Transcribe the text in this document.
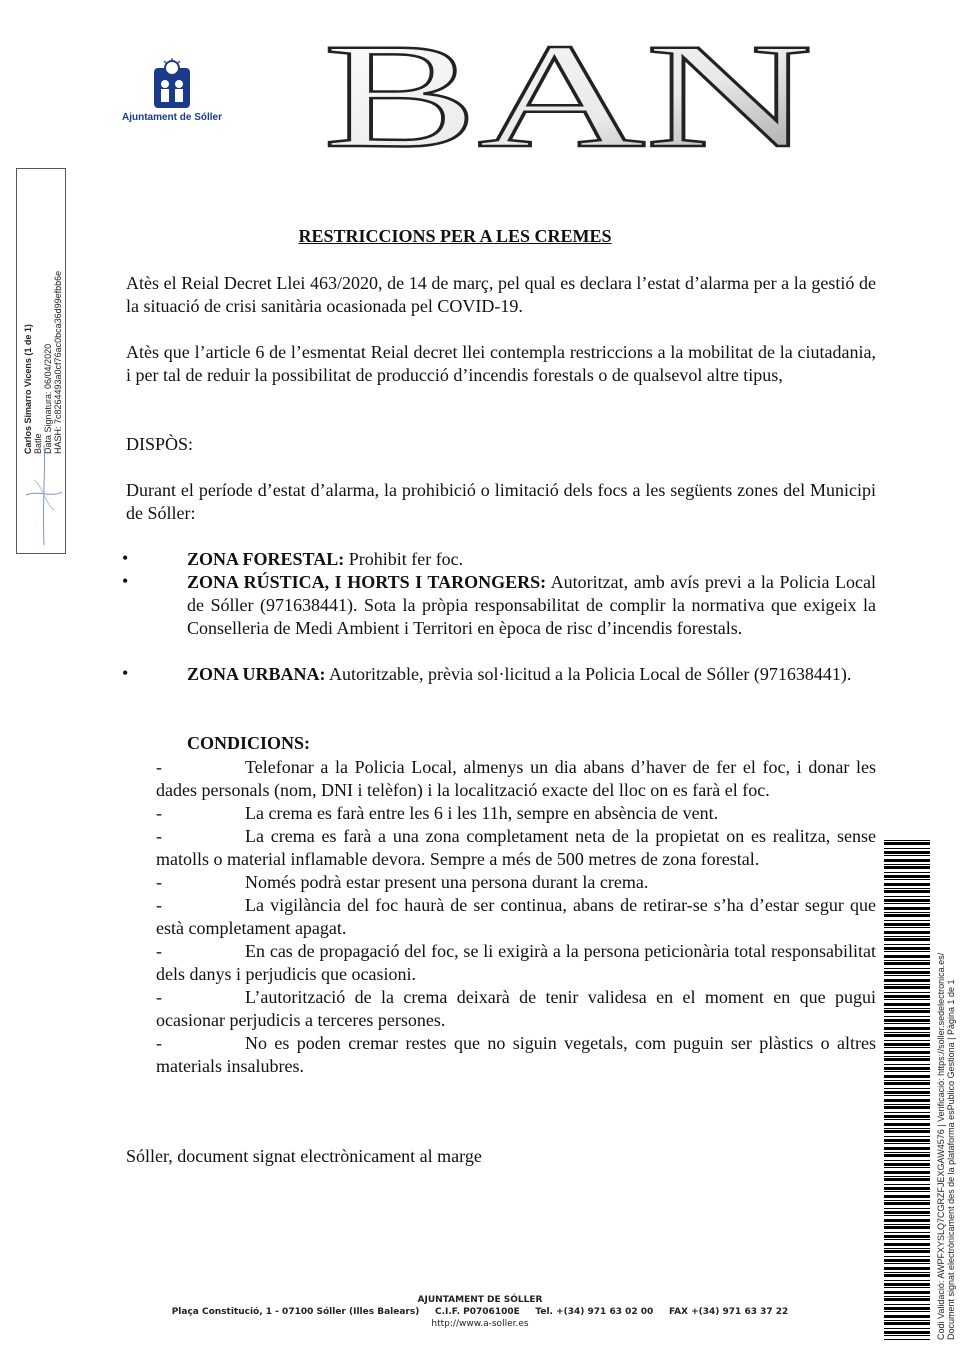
Ajuntament de Sóller BAN
Carlos Simarro Vicens (1 de 1) Batle Data Signatura: 06/04/2020 HASH: 7c8264493a0cf76ac0bca36d99efbb6e
RESTRICCIONS PER A LES CREMES
Atès el Reial Decret Llei 463/2020, de 14 de març, pel qual es declara l’estat d’alarma per a la gestió de la situació de crisi sanitària ocasionada pel COVID-19.
Atès que l’article 6 de l’esmentat Reial decret llei contempla restriccions a la mobilitat de la ciutadania, i per tal de reduir la possibilitat de producció d’incendis forestals o de qualsevol altre tipus,
DISPÒS:
Durant el període d’estat d’alarma, la prohibició o limitació dels focs a les següents zones del Municipi de Sóller:
•	ZONA FORESTAL: Prohibit fer foc.
•	ZONA RÚSTICA, I HORTS I TARONGERS: Autoritzat, amb avís previ a la Policia Local de Sóller (971638441). Sota la pròpia responsabilitat de complir la normativa que exigeix la Conselleria de Medi Ambient i Territori en època de risc d’incendis forestals.
•	ZONA URBANA: Autoritzable, prèvia sol·licitud a la Policia Local de Sóller (971638441).
CONDICIONS:
-	Telefonar a la Policia Local, almenys un dia abans d’haver de fer el foc, i donar les dades personals (nom, DNI i telèfon) i la localització exacte del lloc on es farà el foc.
-	La crema es farà entre les 6 i les 11h, sempre en absència de vent.
-	La crema es farà a una zona completament neta de la propietat on es realitza, sense matolls o material inflamable devora. Sempre a més de 500 metres de zona forestal.
-	Només podrà estar present una persona durant la crema.
-	La vigilància del foc haurà de ser continua, abans de retirar-se s’ha d’estar segur que està completament apagat.
-	En cas de propagació del foc, se li exigirà a la persona peticionària total responsabilitat dels danys i perjudicis que ocasioni.
-	L’autorització de la crema deixarà de tenir validesa en el moment en que pugui ocasionar perjudicis a terceres persones.
-	No es poden cremar restes que no siguin vegetals, com puguin ser plàstics o altres materials insalubres.
Sóller, document signat electrònicament al marge
AJUNTAMENT DE SÓLLER
Plaça Constitució, 1 - 07100 Sóller (Illes Balears)     C.I.F. P0706100E     Tel. +(34) 971 63 02 00     FAX +(34) 971 63 37 22
http://www.a-soller.es	Codi Validació: AWPFXYSLQ7CGRZFJEXGAW4576 | Verificació: https://soller.sedelectronica.es/ Document signat electrònicament des de la plataforma esPublico Gestiona | Pàgina 1 de 1
